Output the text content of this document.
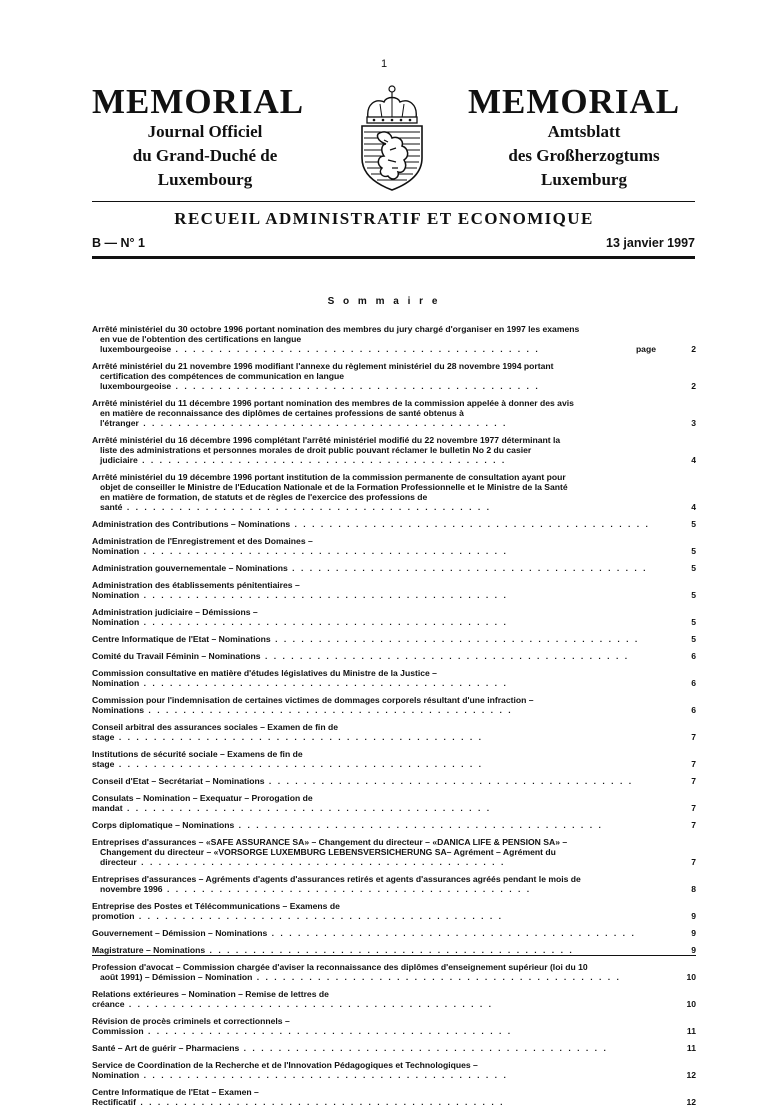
1
MEMORIAL	MEMORIAL
Journal Officiel
du Grand-Duché de
Luxembourg
Amtsblatt
des Großherzogtums
Luxemburg
RECUEIL ADMINISTRATIF ET ECONOMIQUE
B — N° 1	13 janvier 1997
S o m m a i r e
Arrêté ministériel du 30 octobre 1996 portant nomination des membres du jury chargé d'organiser en 1997 les examens

en vue de l'obtention des certifications en langue luxembourgeoise . . . . . . . . . . . . . . . . . . . . . . . . . . . . . . . . . . . . . . . . . .	page	2
Arrêté ministériel du 21 novembre 1996 modifiant l'annexe du règlement ministériel du 28 novembre 1994 portant

certification des compétences de communication en langue luxembourgeoise . . . . . . . . . . . . . . . . . . . . . . . . . . . . . . . . . . . . . . . . . .	2
Arrêté ministériel du 11 décembre 1996 portant nomination des membres de la commission appelée à donner des avis

en matière de reconnaissance des diplômes de certaines professions de santé obtenus à l'étranger . . . . . . . . . . . . . . . . . . . . . . . . . . . . . . . . . . . . . . . . . .	3
Arrêté ministériel du 16 décembre 1996 complétant l'arrêté ministériel modifié du 22 novembre 1977 déterminant la

liste des administrations et personnes morales de droit public pouvant réclamer le bulletin No 2 du casier judiciaire . . . . . . . . . . . . . . . . . . . . . . . . . . . . . . . . . . . . . . . . . .	4
Arrêté ministériel du 19 décembre 1996 portant institution de la commission permanente de consultation ayant pour

objet de conseiller le Ministre de l'Education Nationale et de la Formation Professionnelle et le Ministre de la Santé
en matière de formation, de statuts et de règles de l'exercice des professions de santé . . . . . . . . . . . . . . . . . . . . . . . . . . . . . . . . . . . . . . . . . .	4
Administration des Contributions – Nominations . . . . . . . . . . . . . . . . . . . . . . . . . . . . . . . . . . . . . . . . .	5
Administration de l'Enregistrement et des Domaines – Nomination . . . . . . . . . . . . . . . . . . . . . . . . . . . . . . . . . . . . . . . . . .	5
Administration gouvernementale – Nominations . . . . . . . . . . . . . . . . . . . . . . . . . . . . . . . . . . . . . . . . .	5
Administration des établissements pénitentiaires – Nomination . . . . . . . . . . . . . . . . . . . . . . . . . . . . . . . . . . . . . . . . . .	5
Administration judiciaire – Démissions – Nomination . . . . . . . . . . . . . . . . . . . . . . . . . . . . . . . . . . . . . . . . . .	5
Centre Informatique de l'Etat – Nominations . . . . . . . . . . . . . . . . . . . . . . . . . . . . . . . . . . . . . . . . . .	5
Comité du Travail Féminin – Nominations . . . . . . . . . . . . . . . . . . . . . . . . . . . . . . . . . . . . . . . . . .	6
Commission consultative en matière d'études législatives du Ministre de la Justice – Nomination . . . . . . . . . . . . . . . . . . . . . . . . . . . . . . . . . . . . . . . . . .	6
Commission pour l'indemnisation de certaines victimes de dommages corporels résultant d'une infraction – Nominations . . . . . . . . . . . . . . . . . . . . . . . . . . . . . . . . . . . . . . . . . .	6
Conseil arbitral des assurances sociales – Examen de fin de stage . . . . . . . . . . . . . . . . . . . . . . . . . . . . . . . . . . . . . . . . . .	7
Institutions de sécurité sociale – Examens de fin de stage . . . . . . . . . . . . . . . . . . . . . . . . . . . . . . . . . . . . . . . . . .	7
Conseil d'Etat – Secrétariat – Nominations . . . . . . . . . . . . . . . . . . . . . . . . . . . . . . . . . . . . . . . . . .	7
Consulats – Nomination – Exequatur – Prorogation de mandat . . . . . . . . . . . . . . . . . . . . . . . . . . . . . . . . . . . . . . . . . .	7
Corps diplomatique – Nominations . . . . . . . . . . . . . . . . . . . . . . . . . . . . . . . . . . . . . . . . . .	7
Entreprises d'assurances – «SAFE ASSURANCE SA» – Changement du directeur – «DANICA LIFE & PENSION SA» –

Changement du directeur – «VORSORGE LUXEMBURG LEBENSVERSICHERUNG SA– Agrément – Agrément du
directeur . . . . . . . . . . . . . . . . . . . . . . . . . . . . . . . . . . . . . . . . . .	7
Entreprises d'assurances – Agréments d'agents d'assurances retirés et agents d'assurances agréés pendant le mois de

novembre 1996 . . . . . . . . . . . . . . . . . . . . . . . . . . . . . . . . . . . . . . . . . .	8
Entreprise des Postes et Télécommunications – Examens de promotion . . . . . . . . . . . . . . . . . . . . . . . . . . . . . . . . . . . . . . . . . .	9
Gouvernement – Démission – Nominations . . . . . . . . . . . . . . . . . . . . . . . . . . . . . . . . . . . . . . . . . .	9
Magistrature – Nominations . . . . . . . . . . . . . . . . . . . . . . . . . . . . . . . . . . . . . . . . . .	9
Profession d'avocat – Commission chargée d'aviser la reconnaissance des diplômes d'enseignement supérieur (loi du 10

août 1991) – Démission – Nomination . . . . . . . . . . . . . . . . . . . . . . . . . . . . . . . . . . . . . . . . . .	10
Relations extérieures – Nomination – Remise de lettres de créance . . . . . . . . . . . . . . . . . . . . . . . . . . . . . . . . . . . . . . . . . .	10
Révision de procès criminels et correctionnels – Commission . . . . . . . . . . . . . . . . . . . . . . . . . . . . . . . . . . . . . . . . . .	11
Santé – Art de guérir – Pharmaciens . . . . . . . . . . . . . . . . . . . . . . . . . . . . . . . . . . . . . . . . . .	11
Service de Coordination de la Recherche et de l'Innovation Pédagogiques et Technologiques – Nomination . . . . . . . . . . . . . . . . . . . . . . . . . . . . . . . . . . . . . . . . . .	12
Centre Informatique de l'Etat – Examen – Rectificatif . . . . . . . . . . . . . . . . . . . . . . . . . . . . . . . . . . . . . . . . . .	12
